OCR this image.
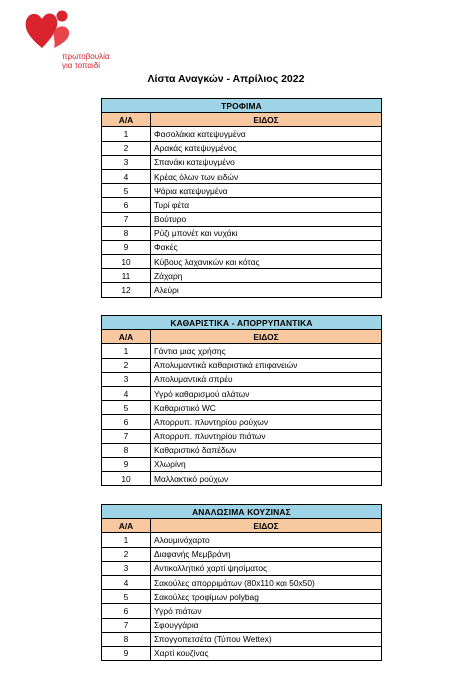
πρωτοβουλία
για τοπαιδί
Λίστα Αναγκών - Απρίλιος 2022
ΤΡΟΦΙΜΑ	
Α/Α	ΕΙΔΟΣ
1	Φασολάκια κατεψυγμένα
2	Αρακάς κατεψυγμένος
3	Σπανάκι κατεψυγμένο
4	Κρέας όλων των ειδών
5	Ψάρια κατεψυγμένα
6	Τυρί φέτα
7	Βούτυρο
8	Ρύζι μπονέτ και νυχάκι
9	Φακές
10	Κύβους λαχανικών και κότας
11	Ζάχαρη
12	Αλεύρι
ΚΑΘΑΡΙΣΤΙΚΑ - ΑΠΟΡΡΥΠΑΝΤΙΚΑ	
Α/Α	ΕΙΔΟΣ
1	Γάντια μιας χρήσης
2	Απολυμαντικά καθαριστικά επιφανειών
3	Απολυμαντικά σπρέυ
4	Υγρό καθαρισμού αλάτων
5	Καθαριστικό WC
6	Απορρυπ. πλυντηρίου ρούχων
7	Απορρυπ. πλυντηρίου πιάτων
8	Καθαριστικό δαπέδων
9	Χλωρίνη
10	Μαλλακτικό ρούχων
ΑΝΑΛΩΣΙΜΑ ΚΟΥΖΙΝΑΣ	
Α/Α	ΕΙΔΟΣ
1	Αλουμινόχαρτο
2	Διαφανής Μεμβράνη
3	Αντικολλητικό χαρτί ψησίματος
4	Σακούλες απορριμάτων (80x110 και 50x50)
5	Σακούλες τροφίμων polybag
6	Υγρό πιάτων
7	Σφουγγάρια
8	Σπογγοπετσέτα (Τύπου Wettex)
9	Χαρτί κουζίνας
